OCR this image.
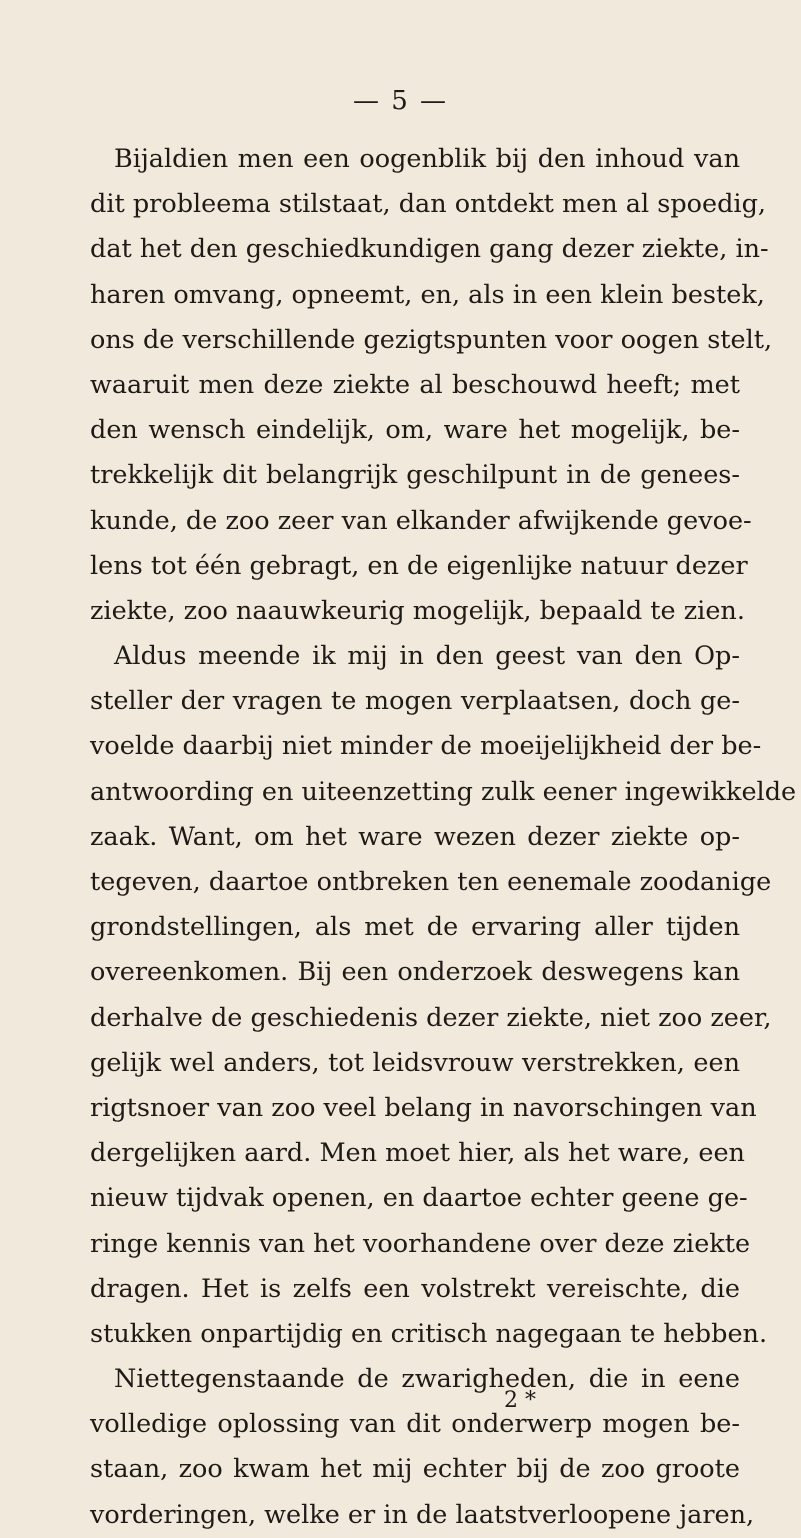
— 5 —
Bijaldien men een oogenblik bij den inhoud van
dit probleema stilstaat, dan ontdekt men al spoedig,
dat het den geschiedkundigen gang dezer ziekte, in-
haren omvang, opneemt, en, als in een klein bestek,
ons de verschillende gezigtspunten voor oogen stelt,
waaruit men deze ziekte al beschouwd heeft; met
den wensch eindelijk, om, ware het mogelijk, be-
trekkelijk dit belangrijk geschilpunt in de genees-
kunde, de zoo zeer van elkander afwijkende gevoe-
lens tot één gebragt, en de eigenlijke natuur dezer
ziekte, zoo naauwkeurig mogelijk, bepaald te zien.
Aldus meende ik mij in den geest van den Op-
steller der vragen te mogen verplaatsen, doch ge-
voelde daarbij niet minder de moeijelijkheid der be-
antwoording en uiteenzetting zulk eener ingewikkelde
zaak. Want, om het ware wezen dezer ziekte op-
tegeven, daartoe ontbreken ten eenemale zoodanige
grondstellingen, als met de ervaring aller tijden
overeenkomen. Bij een onderzoek deswegens kan
derhalve de geschiedenis dezer ziekte, niet zoo zeer,
gelijk wel anders, tot leidsvrouw verstrekken, een
rigtsnoer van zoo veel belang in navorschingen van
dergelijken aard. Men moet hier, als het ware, een
nieuw tijdvak openen, en daartoe echter geene ge-
ringe kennis van het voorhandene over deze ziekte
dragen. Het is zelfs een volstrekt vereischte, die
stukken onpartijdig en critisch nagegaan te hebben.
Niettegenstaande de zwarigheden, die in eene
volledige oplossing van dit onderwerp mogen be-
staan, zoo kwam het mij echter bij de zoo groote
vorderingen, welke er in de laatstverloopene jaren,
2 *
